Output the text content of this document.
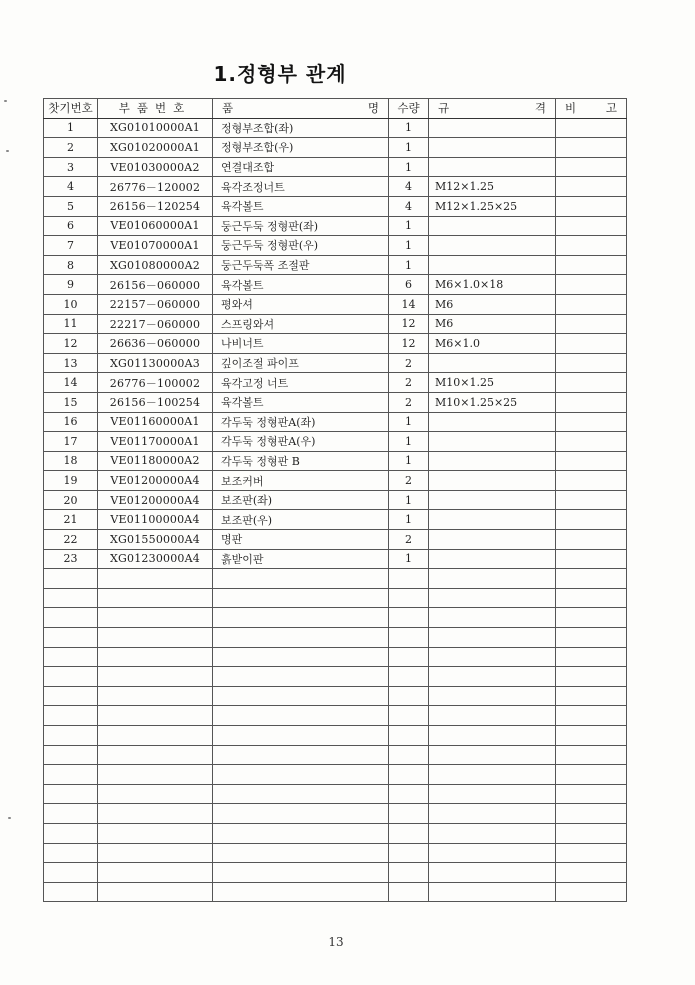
1.정형부 관계
찻기번호	부품번호	품 명	수량	규 격	비 고

1	XG01010000A1	정형부조합(좌)	1		
2	XG01020000A1	정형부조합(우)	1		
3	VE01030000A2	연결대조합	1		
4	26776－120002	육각조정너트	4	M12×1.25	
5	26156－120254	육각볼트	4	M12×1.25×25	
6	VE01060000A1	둥근두둑 정형판(좌)	1		
7	VE01070000A1	둥근두둑 정형판(우)	1		
8	XG01080000A2	둥근두둑폭 조절판	1		
9	26156－060000	육각볼트	6	M6×1.0×18	
10	22157－060000	평와셔	14	M6	
11	22217－060000	스프링와셔	12	M6	
12	26636－060000	나비너트	12	M6×1.0	
13	XG01130000A3	깊이조절 파이프	2		
14	26776－100002	육각고정 너트	2	M10×1.25	
15	26156－100254	육각볼트	2	M10×1.25×25	
16	VE01160000A1	각두둑 정형판A(좌)	1		
17	VE01170000A1	각두둑 정형판A(우)	1		
18	VE01180000A2	각두둑 정형판 B	1		
19	VE01200000A4	보조커버	2		
20	VE01200000A4	보조판(좌)	1		
21	VE01100000A4	보조판(우)	1		
22	XG01550000A4	명판	2		
23	XG01230000A4	흙받이판	1		

13
